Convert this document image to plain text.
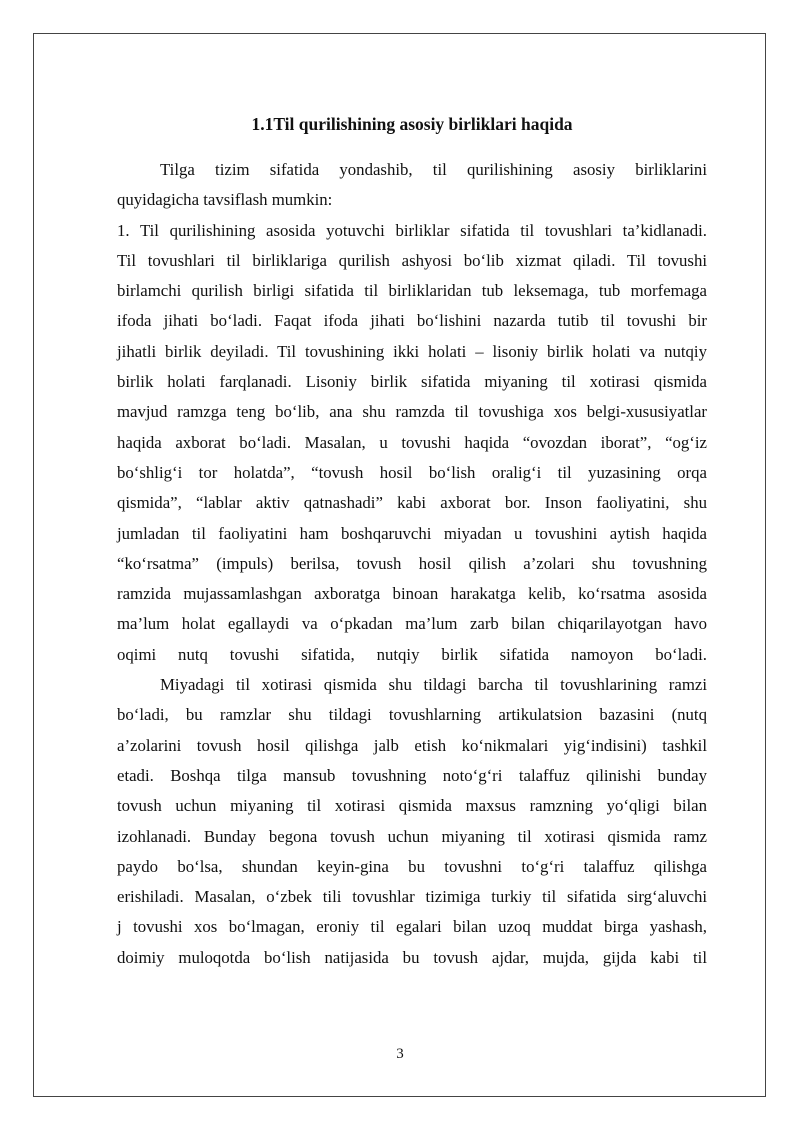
1.1Til qurilishining asosiy birliklari haqida
Tilga tizim sifatida yondashib, til qurilishining asosiy birliklarini
quyidagicha tavsiflash mumkin:
1. Til qurilishining asosida yotuvchi birliklar sifatida til tovushlari ta’kidlanadi.
Til tovushlari til birliklariga qurilish ashyosi bo‘lib xizmat qiladi. Til tovushi
birlamchi qurilish birligi sifatida til birliklaridan tub leksemaga, tub morfemaga
ifoda jihati bo‘ladi. Faqat ifoda jihati bo‘lishini nazarda tutib til tovushi bir
jihatli birlik deyiladi. Til tovushining ikki holati – lisoniy birlik holati va nutqiy
birlik holati farqlanadi. Lisoniy birlik sifatida miyaning til xotirasi qismida
mavjud ramzga teng bo‘lib, ana shu ramzda til tovushiga xos belgi-xususiyatlar
haqida axborat bo‘ladi. Masalan, u tovushi haqida “ovozdan iborat”, “og‘iz
bo‘shlig‘i tor holatda”, “tovush hosil bo‘lish oralig‘i til yuzasining orqa
qismida”, “lablar aktiv qatnashadi” kabi axborat bor. Inson faoliyatini, shu
jumladan til faoliyatini ham boshqaruvchi miyadan u tovushini aytish haqida
“ko‘rsatma” (impuls) berilsa, tovush hosil qilish a’zolari shu tovushning
ramzida mujassamlashgan axboratga binoan harakatga kelib, ko‘rsatma asosida
ma’lum holat egallaydi va o‘pkadan ma’lum zarb bilan chiqarilayotgan havo
oqimi nutq tovushi sifatida, nutqiy birlik sifatida namoyon bo‘ladi.
Miyadagi til xotirasi qismida shu tildagi barcha til tovushlarining ramzi
bo‘ladi, bu ramzlar shu tildagi tovushlarning artikulatsion bazasini (nutq
a’zolarini tovush hosil qilishga jalb etish ko‘nikmalari yig‘indisini) tashkil
etadi. Boshqa tilga mansub tovushning noto‘g‘ri talaffuz qilinishi bunday
tovush uchun miyaning til xotirasi qismida maxsus ramzning yo‘qligi bilan
izohlanadi. Bunday begona tovush uchun miyaning til xotirasi qismida ramz
paydo bo‘lsa, shundan keyin-gina bu tovushni to‘g‘ri talaffuz qilishga
erishiladi. Masalan, o‘zbek tili tovushlar tizimiga turkiy til sifatida sirg‘aluvchi
j tovushi xos bo‘lmagan, eroniy til egalari bilan uzoq muddat birga yashash,
doimiy muloqotda bo‘lish natijasida bu tovush ajdar, mujda, gijda kabi til
3
